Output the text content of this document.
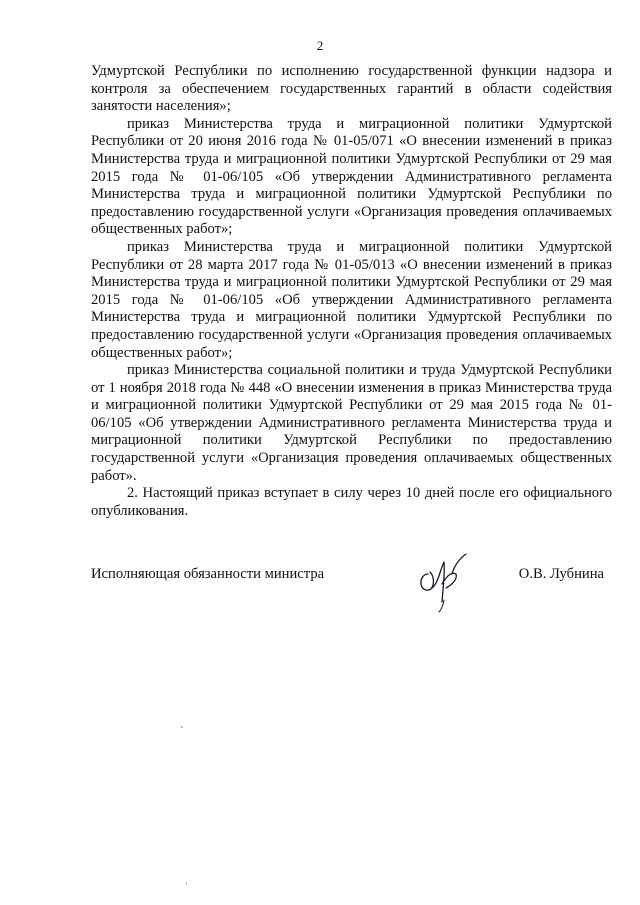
2

Удмуртской Республики по исполнению государственной функции надзора и контроля за обеспечением государственных гарантий в области содействия занятости населения»;

приказ Министерства труда и миграционной политики Удмуртской Республики от 20 июня 2016 года № 01-05/071 «О внесении изменений в приказ Министерства труда и миграционной политики Удмуртской Республики от 29 мая 2015 года № 01-06/105 «Об утверждении Административного регламента Министерства труда и миграционной политики Удмуртской Республики по предоставлению государственной услуги «Организация проведения оплачиваемых общественных работ»;

приказ Министерства труда и миграционной политики Удмуртской Республики от 28 марта 2017 года № 01-05/013 «О внесении изменений в приказ Министерства труда и миграционной политики Удмуртской Республики от 29 мая 2015 года № 01-06/105 «Об утверждении Административного регламента Министерства труда и миграционной политики Удмуртской Республики по предоставлению государственной услуги «Организация проведения оплачиваемых общественных работ»;

приказ Министерства социальной политики и труда Удмуртской Республики от 1 ноября 2018 года № 448 «О внесении изменения в приказ Министерства труда и миграционной политики Удмуртской Республики от 29 мая 2015 года № 01-06/105 «Об утверждении Административного регламента Министерства труда и миграционной политики Удмуртской Республики по предоставлению государственной услуги «Организация проведения оплачиваемых общественных работ».

2. Настоящий приказ вступает в силу через 10 дней после его официального опубликования.

Исполняющая обязанности министра	О.В. Лубнина
